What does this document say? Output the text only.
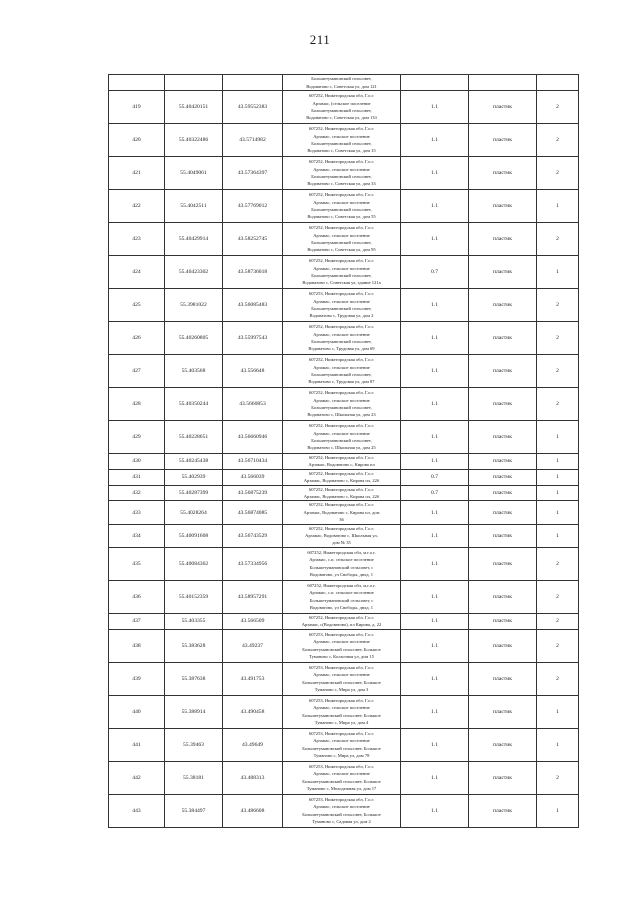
211

			Большетумановский сельсовет,
Водоватово с, Советская ул, дом 121			

419	55.40420151	43.59552383	607252, Нижегородская обл, Г.о.г.
Арзамас, (сельское поселение
Большетумановский сельсовет,
Водоватово с, Советская ул, дом 133	1.1	пластик	2
420	55.40322486	43.5714982	607252, Нижегородская обл, Г.о.г.
Арзамас, сельское поселение
Большетумановский сельсовет,
Водоватово с, Советская ул, дом 15	1.1	пластик	2
421	55.4049061	43.57364397	607252, Нижегородская обл, Г.о.г.
Арзамас, сельское поселение
Большетумановский сельсовет,
Водоватово с, Советская ул, дом 33	1.1	пластик	2
422	55.4042511	43.57769012	607252, Нижегородская обл, Г.о.г.
Арзамас, сельское поселение
Большетумановский сельсовет,
Водоватово с, Советская ул, дом 55	1.1	пластик	1
423	55.40429914	43.58252745	607252, Нижегородская обл, Г.о.г.
Арзамас, сельское поселение
Большетумановский сельсовет,
Водоватово с, Советская ул, дом 95	1.1	пластик	2
424	55.40423302	43.58736018	607252, Нижегородская обл, Г.о.г.
Арзамас, сельское поселение
Большетумановский сельсовет,
Водоватово с, Советская ул, здание 121а	0.7	пластик	1
425	55.3981022	43.56085483	607253, Нижегородская обл, Г.о.г.
Арзамас, сельское поселение
Большетумановский сельсовет,
Водоватово с, Трудовая ул, дом 2	1.1	пластик	2
426	55.40260805	43.55997543	607252, Нижегородская обл, Г.о.г.
Арзамас, сельское поселение
Большетумановский сельсовет,
Водоватово с, Трудовая ул, дом 69	1.1	пластик	2
427	55.403568	43.556648	607252, Нижегородская обл, Г.о.г.
Арзамас, сельское поселение
Большетумановский сельсовет,
Водоватово с, Трудовая ул, дом 87	1.1	пластик	2
428	55.40350244	43.5660853	607252, Нижегородская обл, Г.о.г.
Арзамас, сельское поселение
Большетумановский сельсовет,
Водоватово с, Школьная ул, дом 23	1.1	пластик	2
429	55.40228651	43.56660946	607252, Нижегородская обл, Г.о.г.
Арзамас, сельское поселение
Большетумановский сельсовет,
Водоватово с, Школьная ул, дом 25	1.1	пластик	1
430	55.40245438	43.56710434	607252, Нижегородская обл, Г.о.г.
Арзамас, Водоватово с, Кирова пл	1.1	пластик	1
431	55.402939	43.566039	607252, Нижегородская обл, Г.о.г.
Арзамас, Водоватово с, Кирова пл, 22б	0.7	пластик	1
432	55.40287399	43.56875239	607252, Нижегородская обл, Г.о.г.
Арзамас, Водоватово с, Кирова пл, 22б	0.7	пластик	1
433	55.4028264	43.56874085	607252, Нижегородская обл, Г.о.г.
Арзамас, Водоватово с, Кирова пл, дом
36	1.1	пластик	1
434	55.40091608	43.56743529	607252, Нижегородская обл, Г.о.г.
Арзамас, Водоватово с, Школьная ул,
дом № 35	1.1	пластик	1
435	55.40084362	43.57334956	607252, Нижегородская обл, м.г.о.г.
Арзамас, с.п. сельское поселение
Большетумановский сельсовет, с
Водоватово, ул Свободы, двлд. 1	1.1	пластик	2
436	55.40152359	43.58957291	607252, Нижегородская обл, м.г.о.г.
Арзамас, с.п. сельское поселение
Большетумановский сельсовет, с
Водоватово, ул Свободы, двлд. 1	1.1	пластик	2
437	55.403355	43.566509	607252, Нижегородская обл, Г.о.г.
Арзамас, с(Водоватово), пл Кирова, д. 22	1.1	пластик	2
438	55.383628	43.49237	607253, Нижегородская обл, Г.о.г.
Арзамас, сельское поселение
Большетумановский сельсовет, Большое
Туманово с, Колхозная ул, дом 15	1.1	пластик	2
439	55.387638	43.491753	607253, Нижегородская обл, Г.о.г.
Арзамас, сельское поселение
Большетумановский сельсовет, Большое
Туманово с, Мира ул, дом 3	1.1	пластик	2
440	55.388914	43.490458	607253, Нижегородская обл, Г.о.г.
Арзамас, сельское поселение
Большетумановский сельсовет, Большое
Туманово с, Мира ул, дом 4	1.1	пластик	1
441	55.39463	43.49649	607253, Нижегородская обл, Г.о.г.
Арзамас, сельское поселение
Большетумановский сельсовет, Большое
Туманово с, Мира ул, дом 78	1.1	пластик	1
442	55.38181	43.488313	607253, Нижегородская обл, Г.о.г.
Арзамас, сельское поселение
Большетумановский сельсовет, Большое
Туманово с, Молодежная ул, дом 17	1.1	пластик	2
443	55.384497	43.486608	607253, Нижегородская обл, Г.о.г.
Арзамас, сельское поселение
Большетумановский сельсовет, Большое
Туманово с, Садовая ул, дом 2	1.1	пластик	1
